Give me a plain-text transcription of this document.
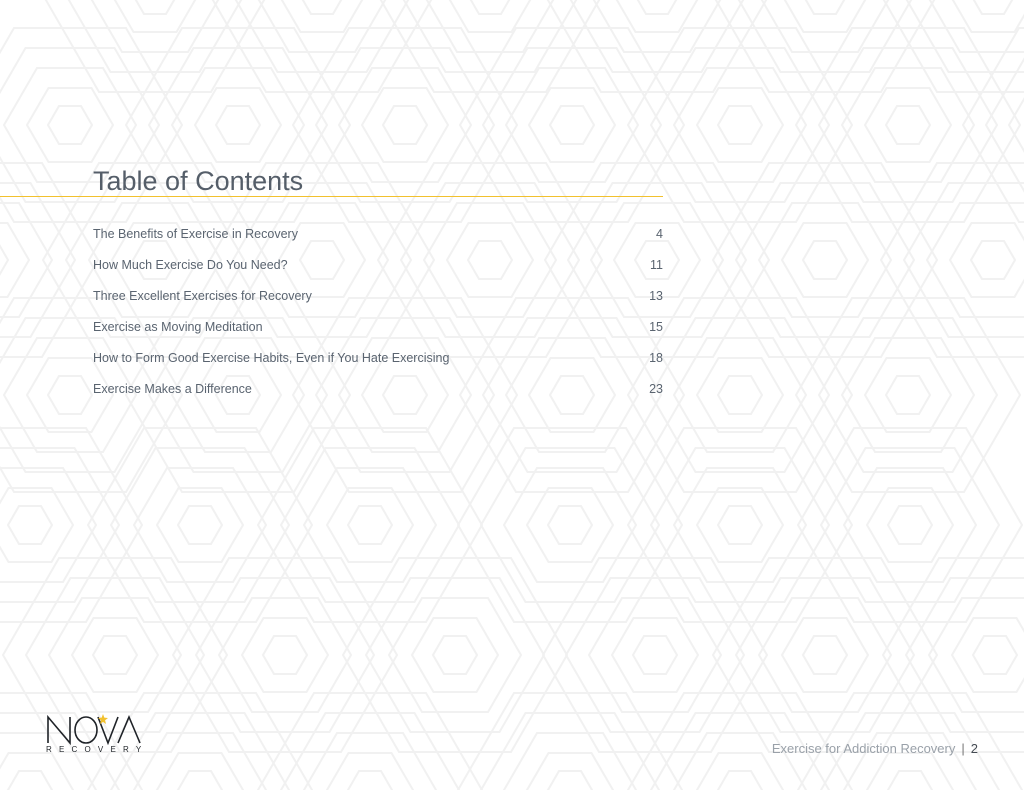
Table of Contents
The Benefits of Exercise in Recovery	4
How Much Exercise Do You Need?	11
Three Excellent Exercises for Recovery	13
Exercise as Moving Meditation	15
How to Form Good Exercise Habits, Even if You Hate Exercising	18
Exercise Makes a Difference	23
RECOVERY	Exercise for Addiction Recovery | 2
